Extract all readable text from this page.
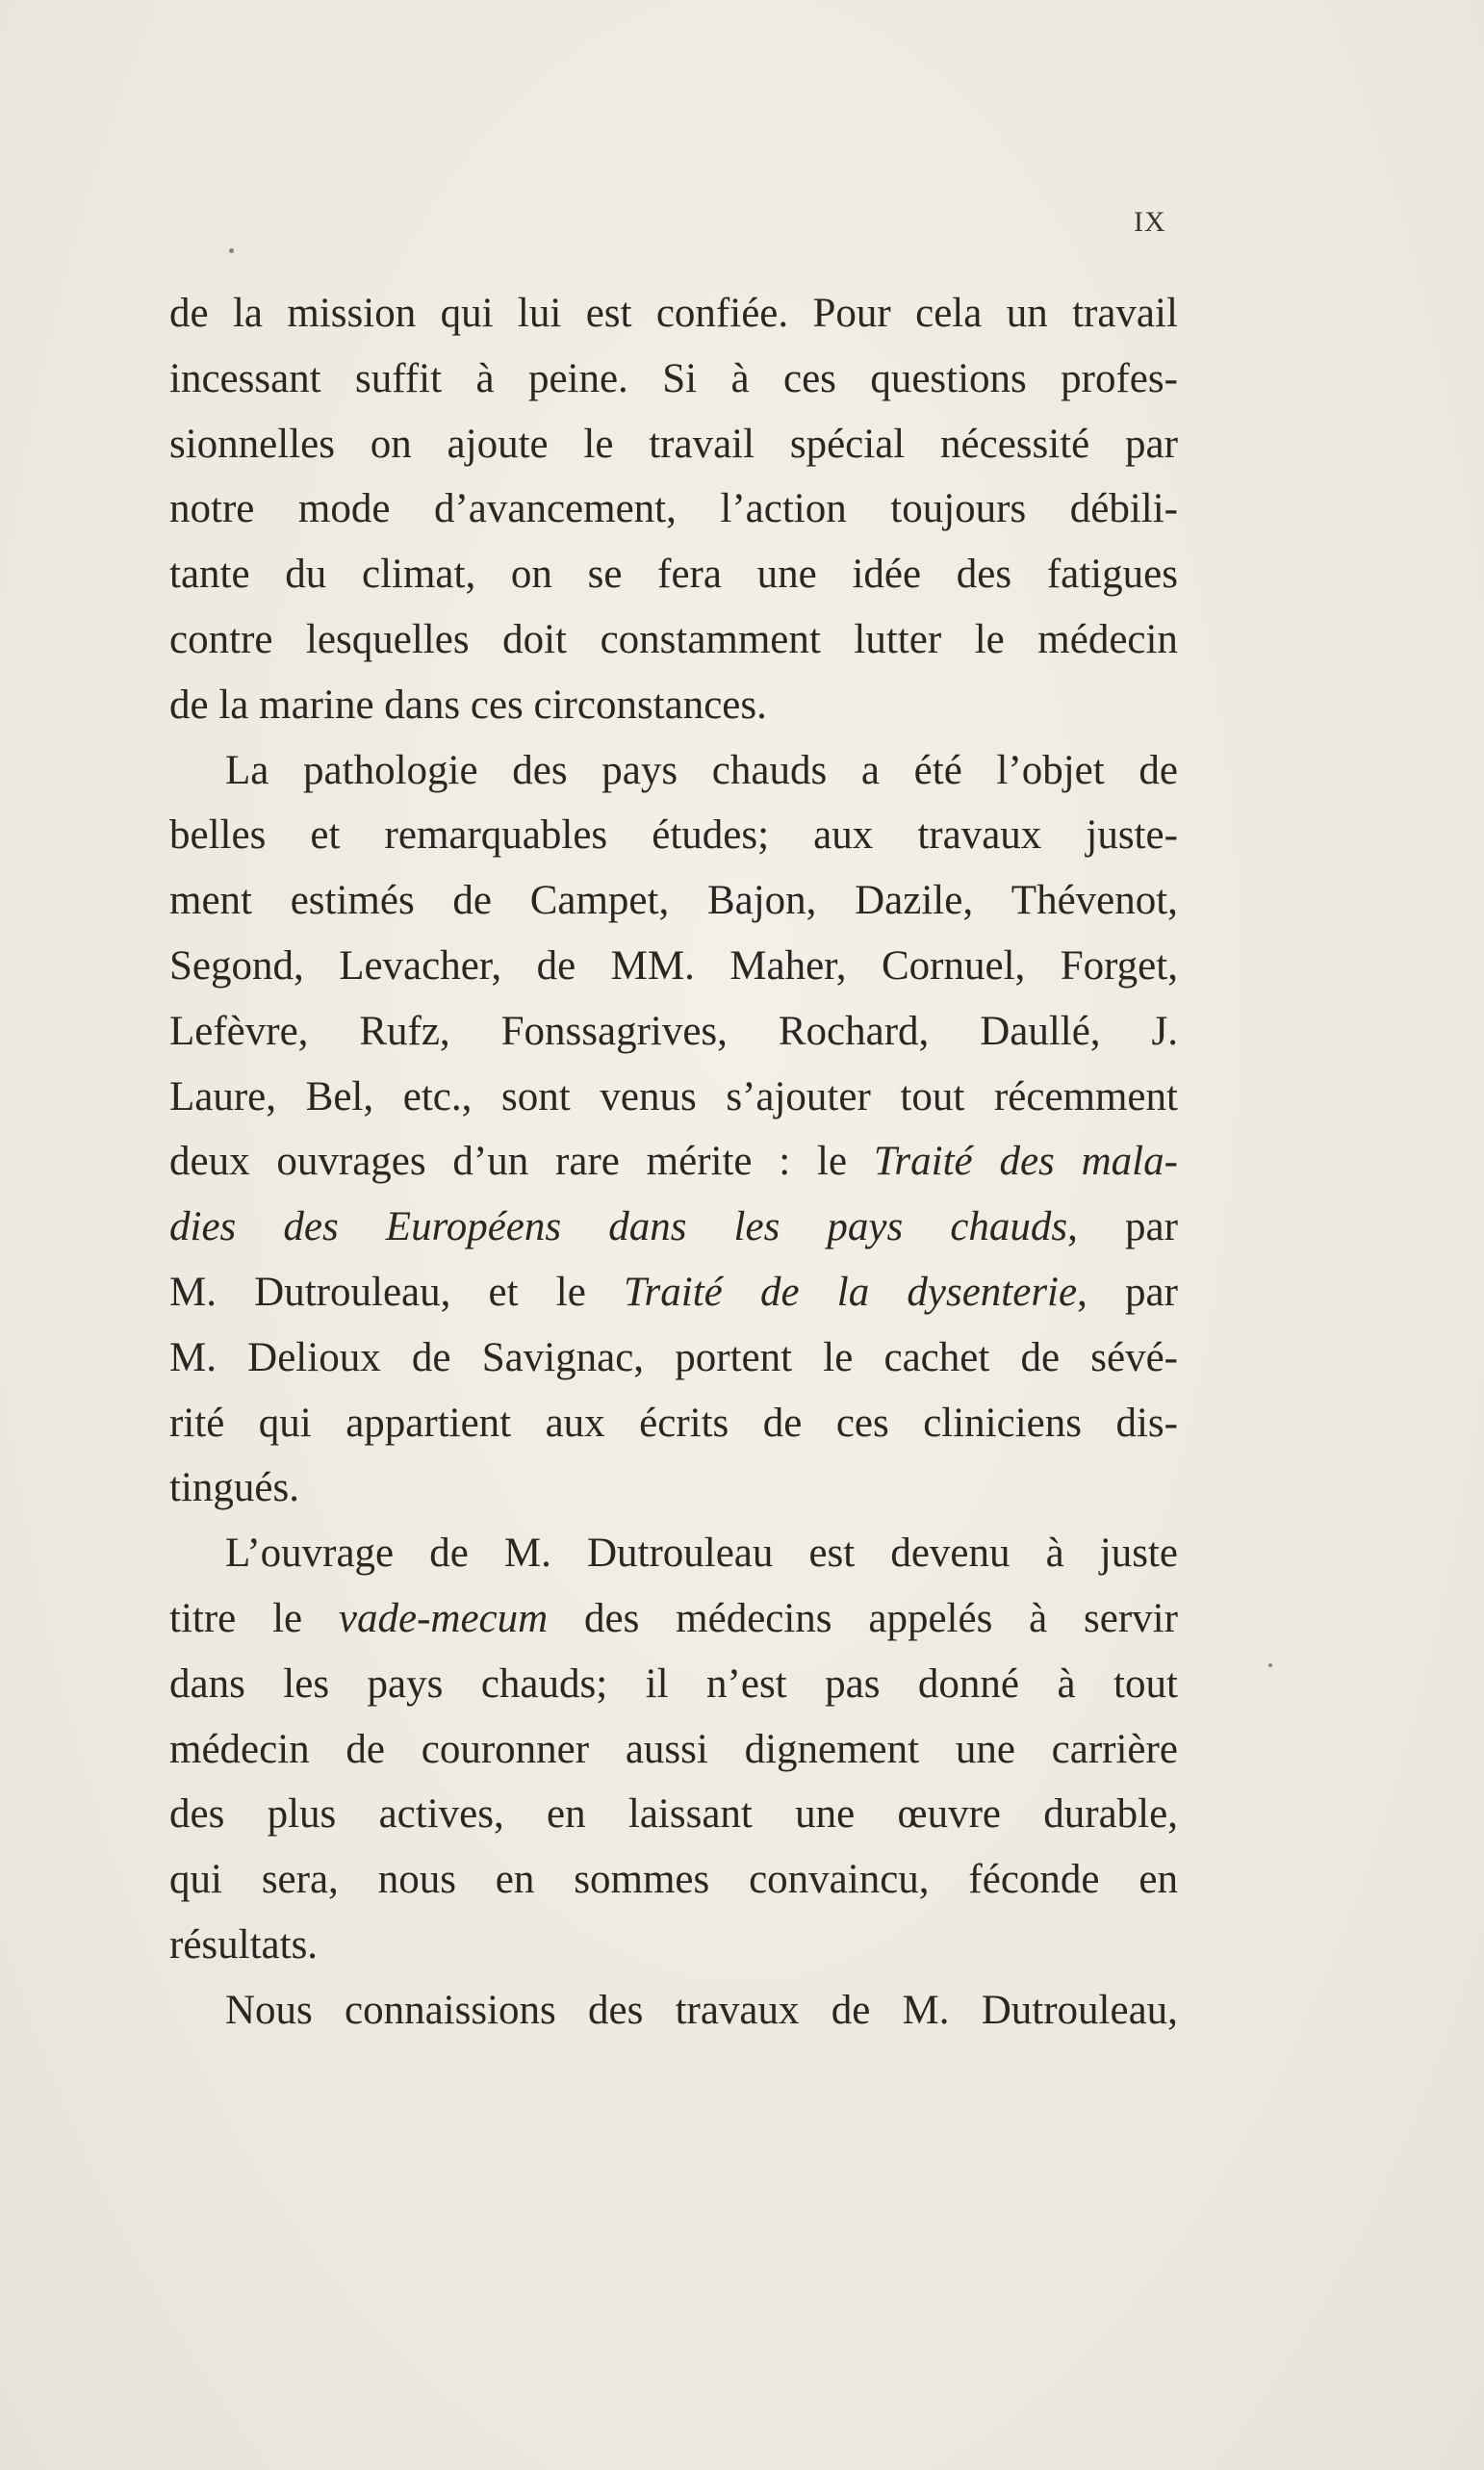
IX
de la mission qui lui est confiée. Pour cela un travail
incessant suffit à peine. Si à ces questions profes-
sionnelles on ajoute le travail spécial nécessité par
notre mode d’avancement, l’action toujours débili-
tante du climat, on se fera une idée des fatigues
contre lesquelles doit constamment lutter le médecin
de
la
marine
dans
ces
circonstances.
La pathologie des pays chauds a été l’objet de
belles et remarquables études; aux travaux juste-
ment estimés de Campet, Bajon, Dazile, Thévenot,
Segond, Levacher, de MM. Maher, Cornuel, Forget,
Lefèvre, Rufz, Fonssagrives, Rochard, Daullé, J.
Laure, Bel, etc., sont venus s’ajouter tout récemment
deux ouvrages d’un rare mérite : le Traité des mala-
dies des Européens dans les pays chauds, par
M. Dutrouleau, et le Traité de la dysenterie, par
M. Delioux de Savignac, portent le cachet de sévé-
rité qui appartient aux écrits de ces cliniciens dis-
tingués.
L’ouvrage de M. Dutrouleau est devenu à juste
titre le vade-mecum des médecins appelés à servir
dans les pays chauds; il n’est pas donné à tout
médecin de couronner aussi dignement une carrière
des plus actives, en laissant une œuvre durable,
qui sera, nous en sommes convaincu, féconde en
résultats.
Nous connaissions des travaux de M. Dutrouleau,
